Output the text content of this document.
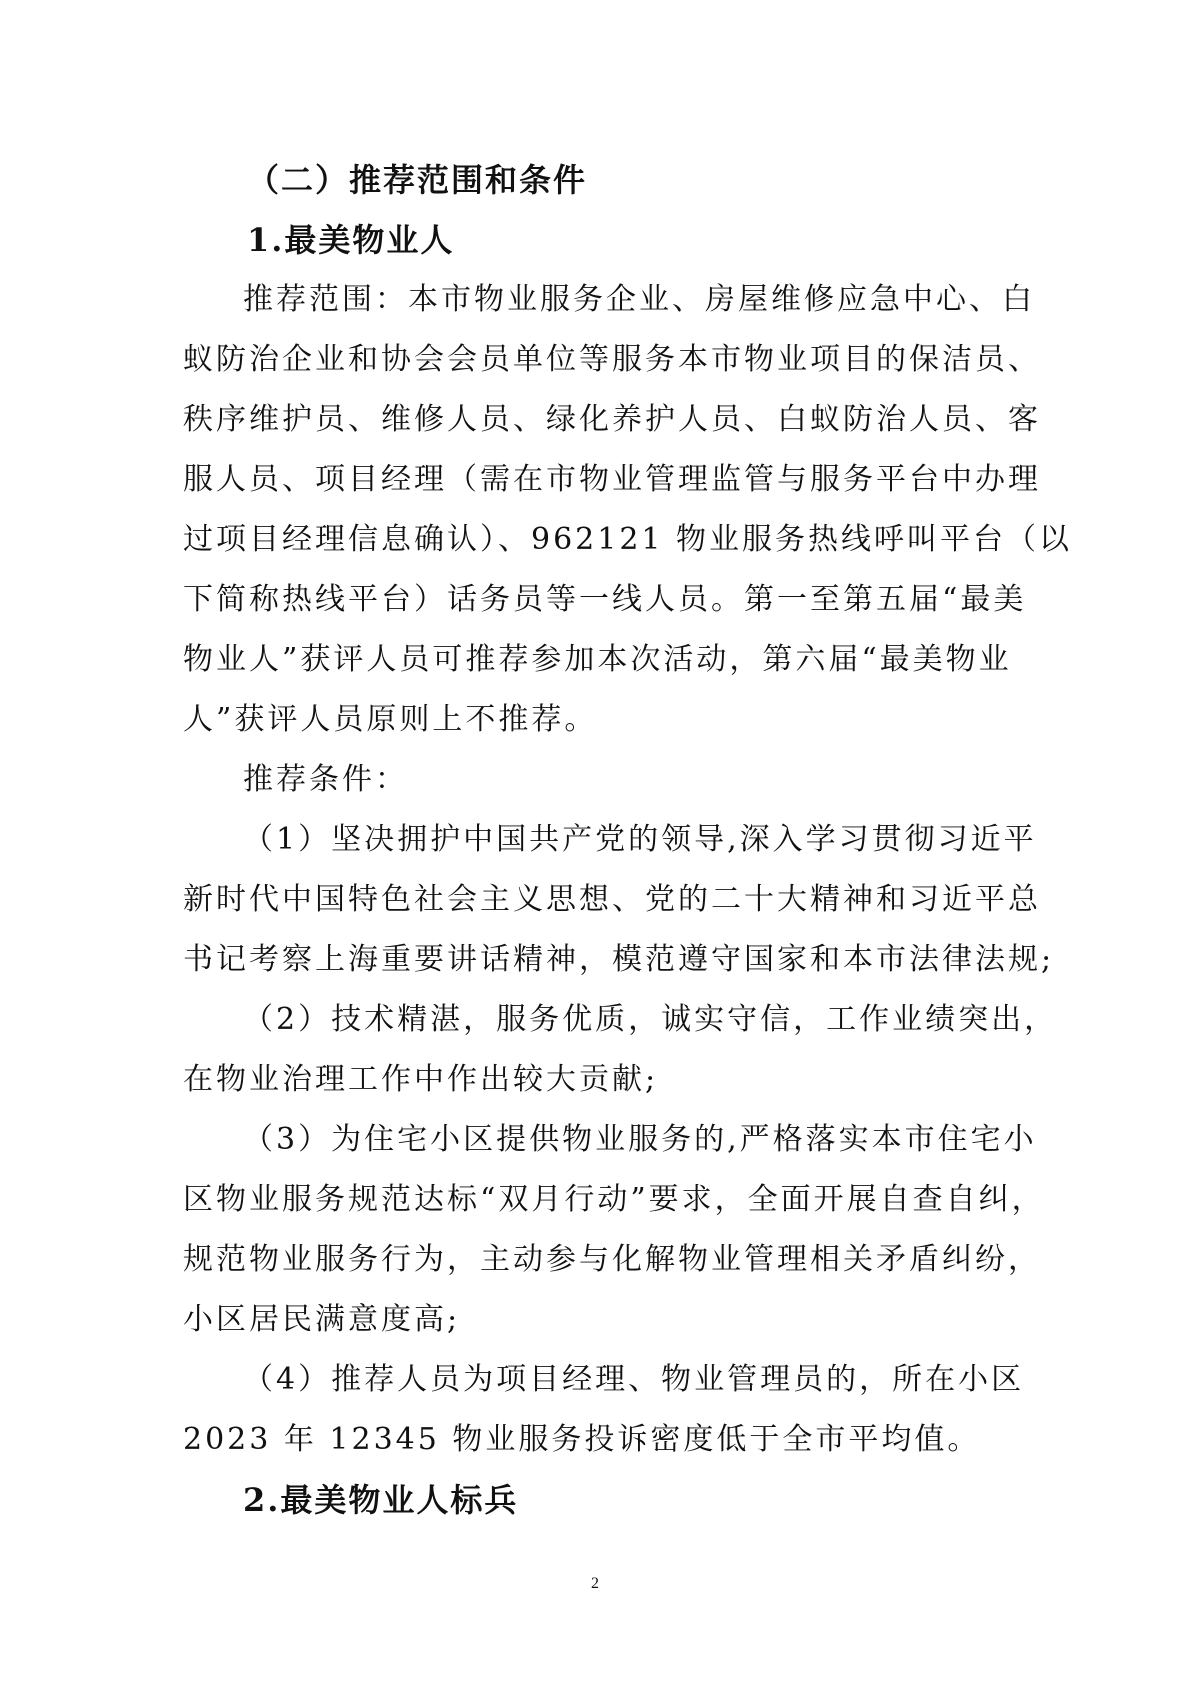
（二）推荐范围和条件
1.最美物业人
推荐范围：本市物业服务企业、房屋维修应急中心、白
蚁防治企业和协会会员单位等服务本市物业项目的保洁员、
秩序维护员、维修人员、绿化养护人员、白蚁防治人员、客
服人员、项目经理（需在市物业管理监管与服务平台中办理
过项目经理信息确认）、962121 物业服务热线呼叫平台（以
下简称热线平台）话务员等一线人员。第一至第五届“最美
物业人”获评人员可推荐参加本次活动，第六届“最美物业
人”获评人员原则上不推荐。
推荐条件：
（1）坚决拥护中国共产党的领导,深入学习贯彻习近平
新时代中国特色社会主义思想、党的二十大精神和习近平总
书记考察上海重要讲话精神，模范遵守国家和本市法律法规;
（2）技术精湛，服务优质，诚实守信，工作业绩突出，
在物业治理工作中作出较大贡献;
（3）为住宅小区提供物业服务的,严格落实本市住宅小
区物业服务规范达标“双月行动”要求，全面开展自查自纠，
规范物业服务行为，主动参与化解物业管理相关矛盾纠纷，
小区居民满意度高;
（4）推荐人员为项目经理、物业管理员的，所在小区
2023 年 12345 物业服务投诉密度低于全市平均值。
2.最美物业人标兵
2
